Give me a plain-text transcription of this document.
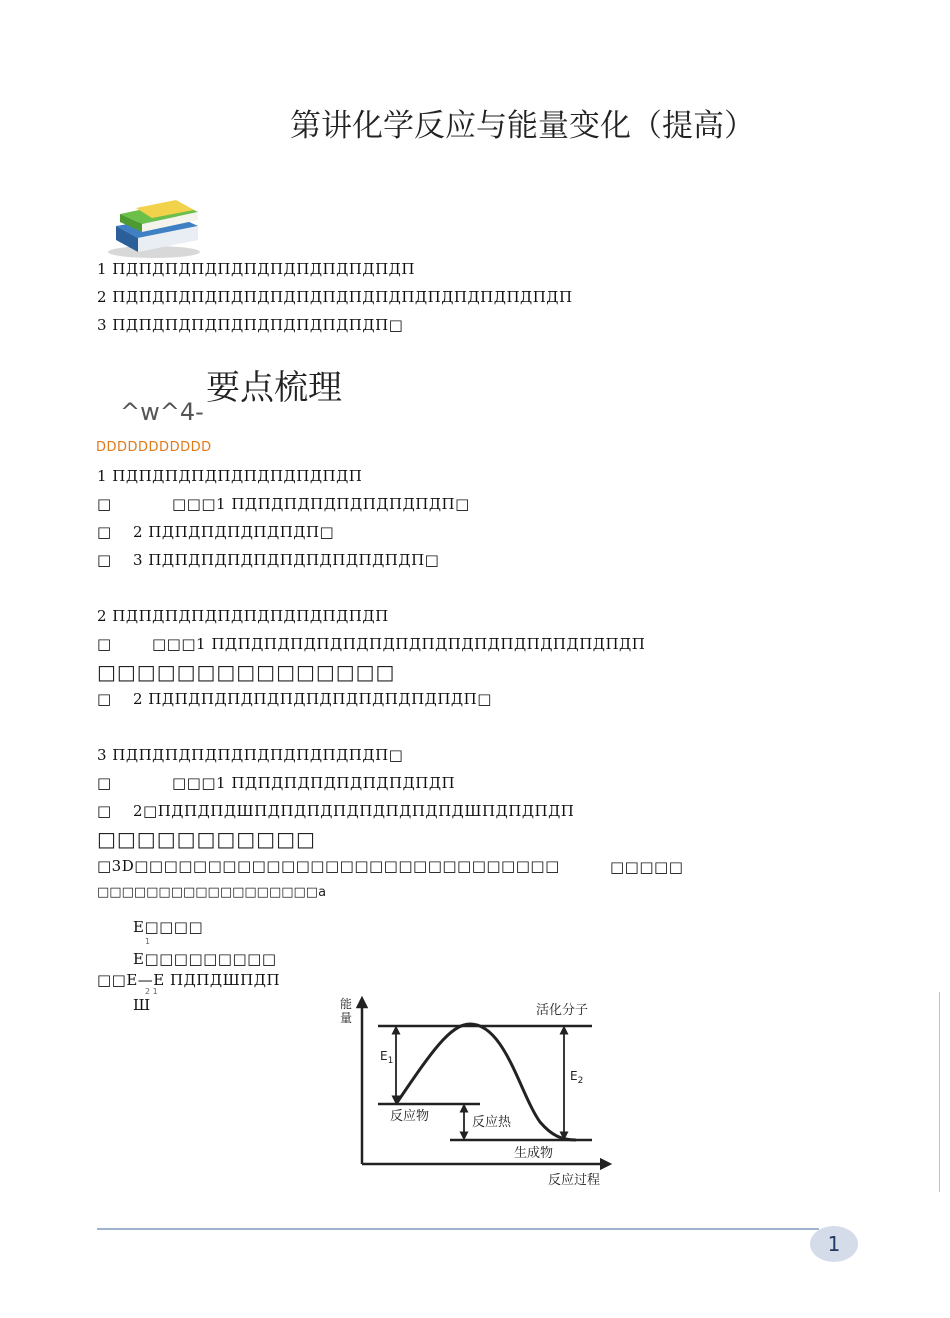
第讲化学反应与能量变化（提高）
1 ПДПДПДПДПДПДПДПДПДПДПДП
2 ПДПДПДПДПДПДПДПДПДПДПДПДПДПДПДПДПДП
3 ПДПДПДПДПДПДПДПДПДПДП□
要点梳理
^w^4-
DDDDDDDDDDD
1 ПДПДПДПДПДПДПДПДПДП
□	□□□1 ПДПДПДПДПДПДПДПДП□
□ 2 ПДПДПДПДПДПДП□
□ 3 ПДПДПДПДПДПДПДПДПДПДП□
2 ПДПДПДПДПДПДПДПДПДПДП
□	□□□1 ПДПДПДПДПДПДПДПДПДПДПДПДПДПДПДПДП
□□□□□□□□□□□□□□□
□ 2 ПДПДПДПДПДПДПДПДПДПДПДПДП□
3 ПДПДПДПДПДПДПДПДПДПДП□
□	□□□1 ПДПДПДПДПДПДПДПДП
□ 2□ПДПДПДШПДПДПДПДПДПДПДПДШПДПДПДП
□□□□□□□□□□□
□3D□□□□□□□□□□□□□□□□□□□□□□□□□□□□□	□□□□□
□□□□□□□□□□□□□□□□□□a
E□□□□
1
E□□□□□□□□□
□□E—E ПДПДШПДП
2 1
Ш	能
量	活化分子
$E_1$
$E_2$
反应物	反应热
生成物
反应过程
1
